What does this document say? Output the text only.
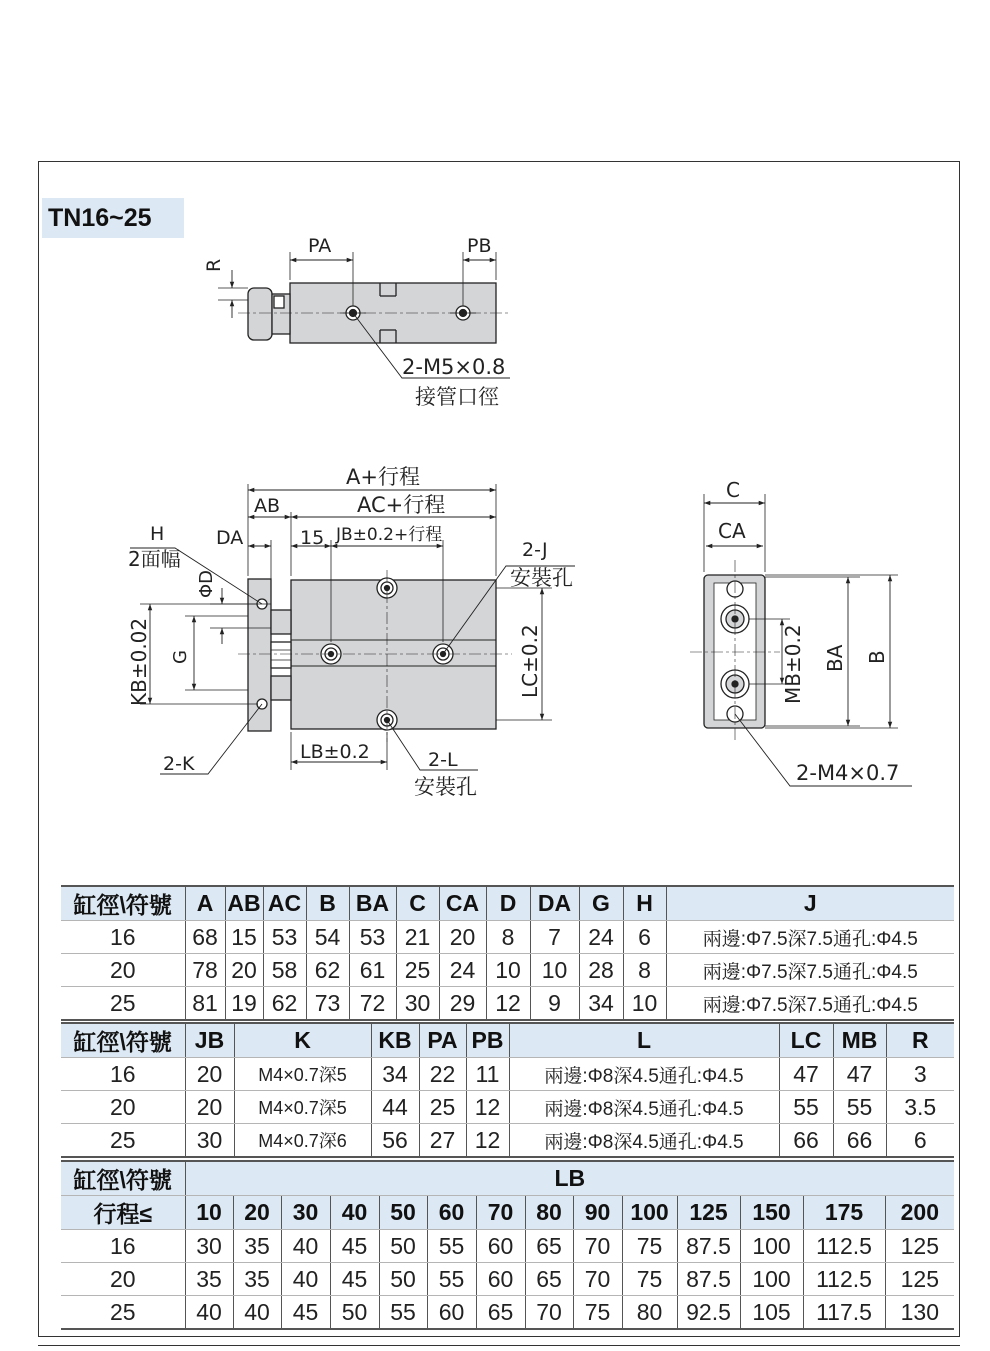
TN16~25
PA	PB
R
2-M5×0.8
接管口徑
A+行程
AB	AC+行程
DA
H
2面幅
15 JB±0.2+行程
2-J
安裝孔
ΦD
KB±0.02 G	LC±0.2
2-K
LB±0.2	2-L
安裝孔
C
CA
MB±0.2 BA B
2-M4×0.7
缸徑\符號	A	AB	AC	B	BA	C	CA	D	DA	G	H	J
16	68	15	53	54	53	21	20	8	7	24	6	兩邊:Φ7.5深7.5通孔:Φ4.5
20	78	20	58	62	61	25	24	10	10	28	8	兩邊:Φ7.5深7.5通孔:Φ4.5
25	81	19	62	73	72	30	29	12	9	34	10	兩邊:Φ7.5深7.5通孔:Φ4.5
缸徑\符號	JB	K	KB	PA	PB	L	LC	MB	R
16	20	M4×0.7深5	34	22	11	兩邊:Φ8深4.5通孔:Φ4.5	47	47	3
20	20	M4×0.7深5	44	25	12	兩邊:Φ8深4.5通孔:Φ4.5	55	55	3.5
25	30	M4×0.7深6	56	27	12	兩邊:Φ8深4.5通孔:Φ4.5	66	66	6
缸徑\符號	LB													
行程≤	10	20	30	40	50	60	70	80	90	100	125	150	175	200
16	30	35	40	45	50	55	60	65	70	75	87.5	100	112.5	125
20	35	35	40	45	50	55	60	65	70	75	87.5	100	112.5	125
25	40	40	45	50	55	60	65	70	75	80	92.5	105	117.5	130
